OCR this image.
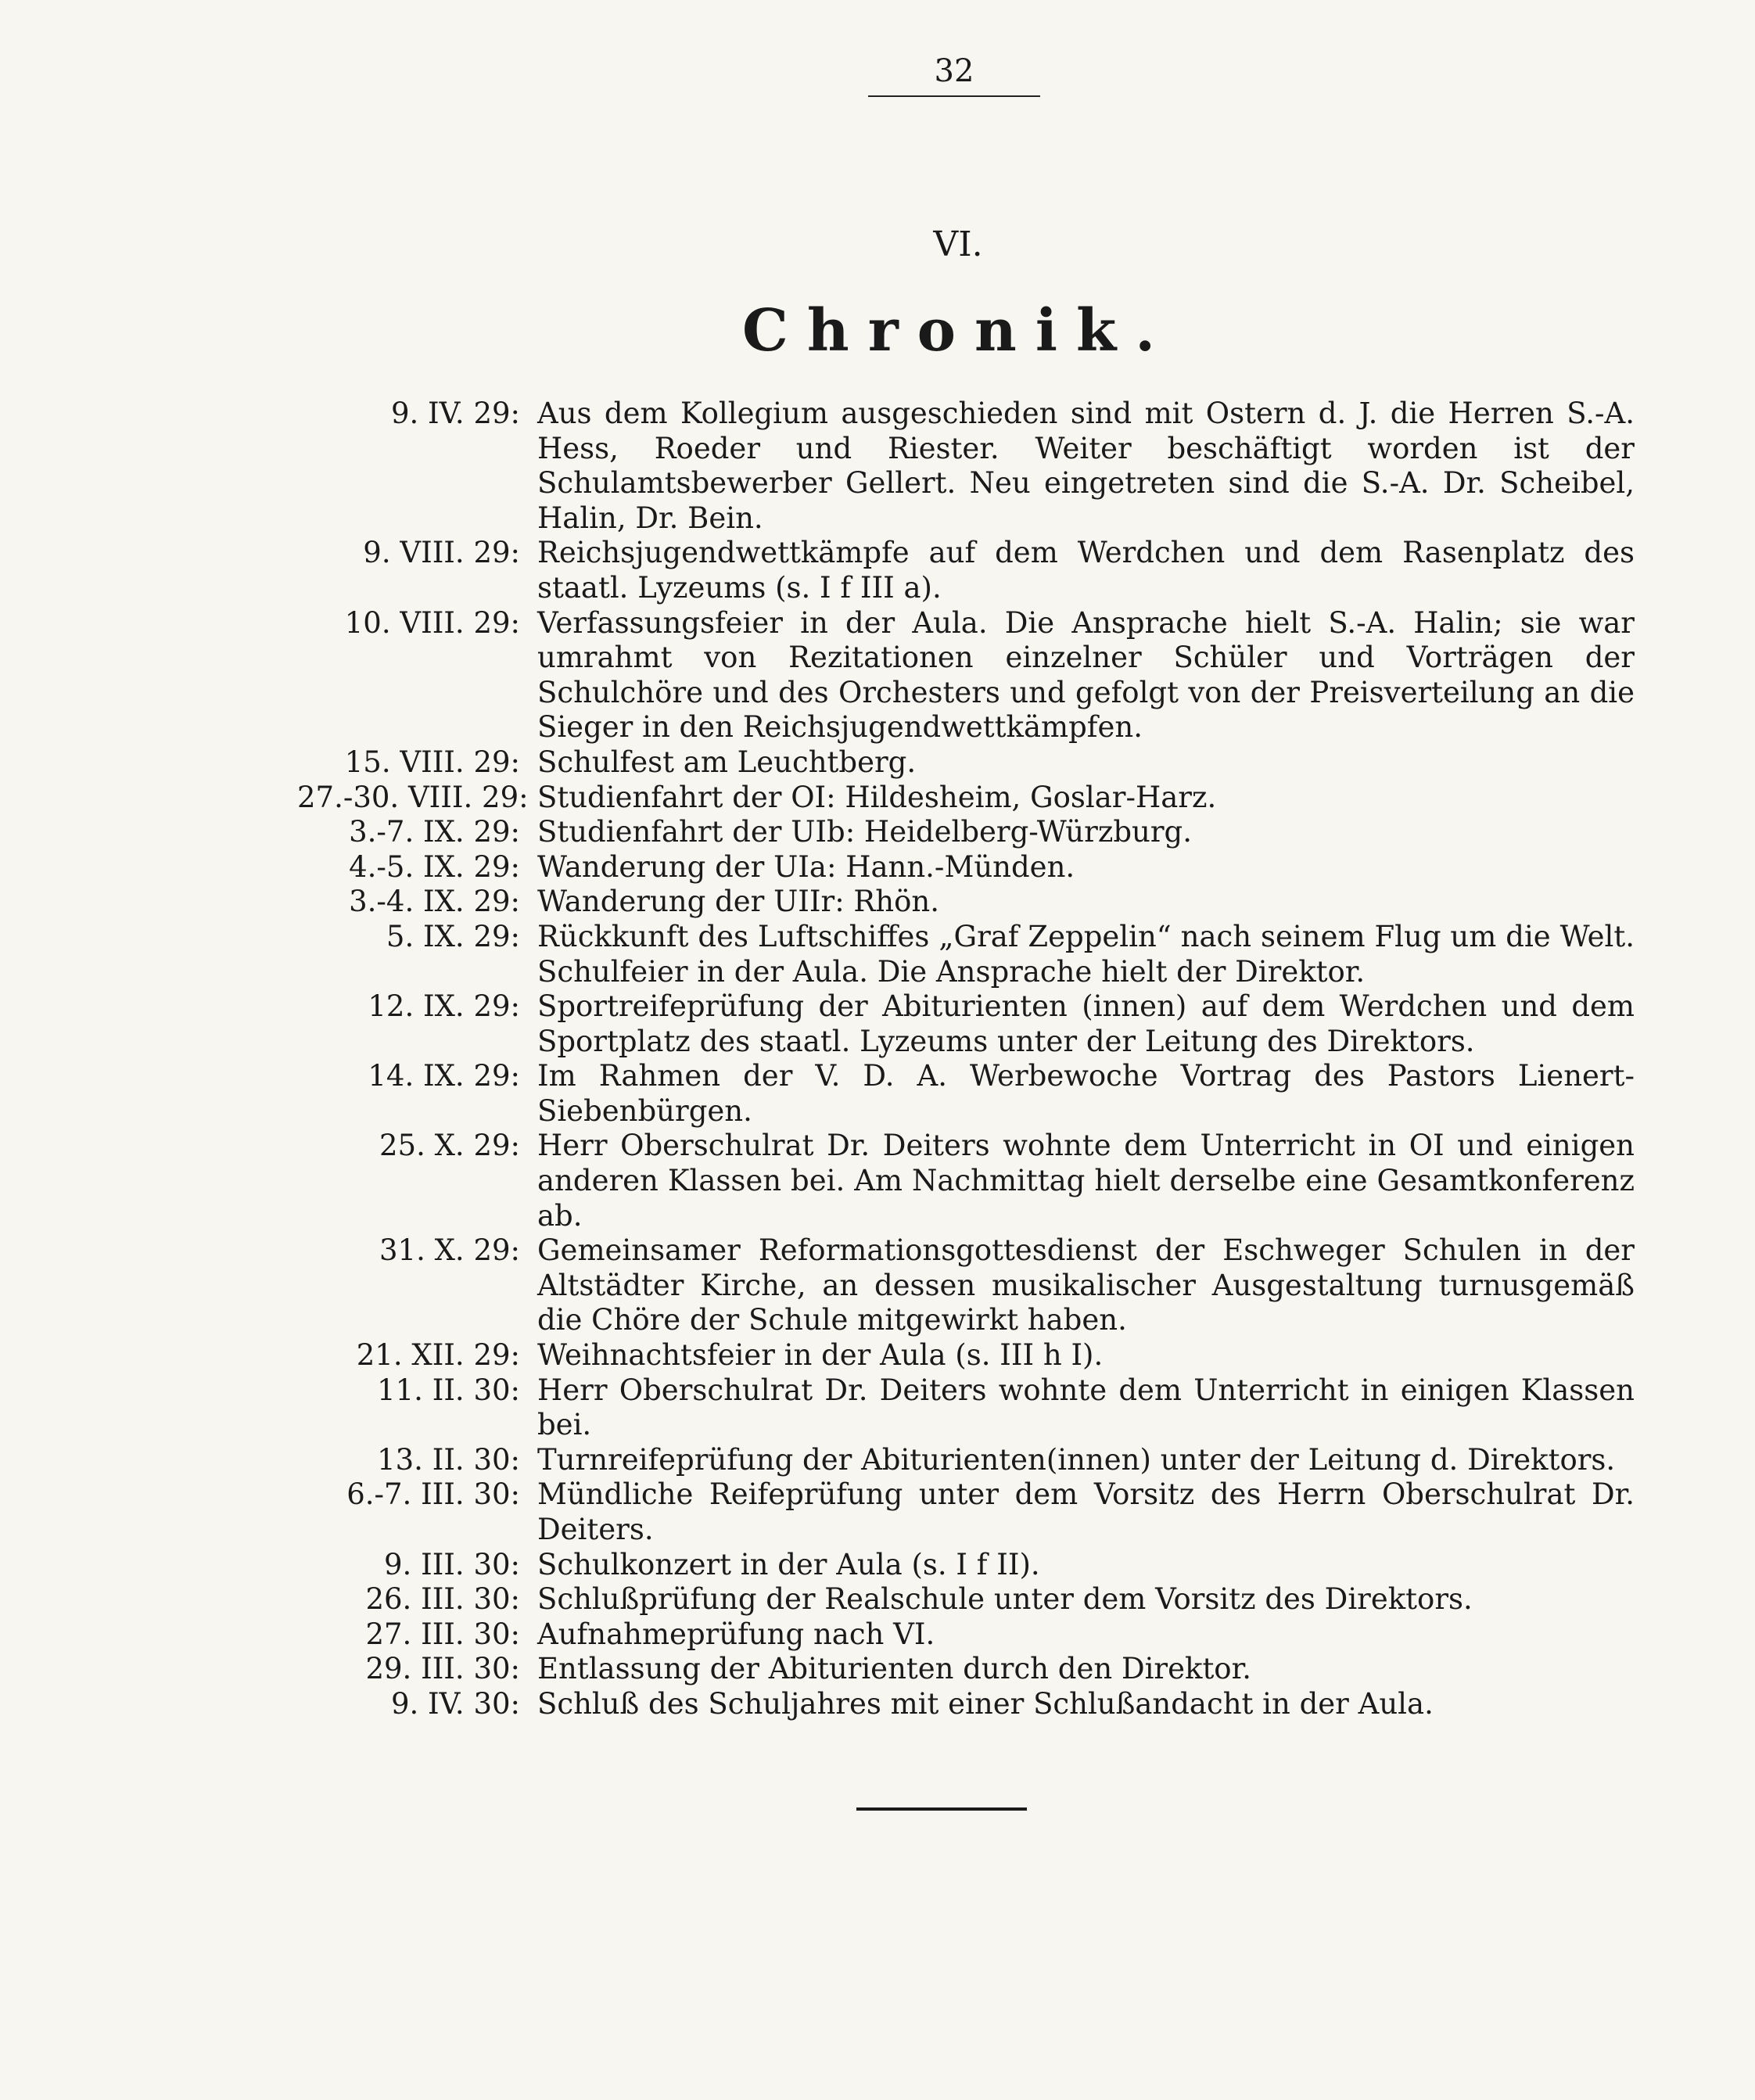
32
VI.
Chronik.
9. IV. 29: Aus dem Kollegium ausgeschieden sind mit Ostern d. J. die Herren S.-A. Hess, Roeder und Riester. Weiter beschäftigt worden ist der Schulamtsbewerber Gellert. Neu eingetreten sind die S.-A. Dr. Scheibel, Halin, Dr. Bein.
9. VIII. 29: Reichsjugendwettkämpfe auf dem Werdchen und dem Rasenplatz des staatl. Lyzeums (s. I f III a).
10. VIII. 29: Verfassungsfeier in der Aula. Die Ansprache hielt S.-A. Halin; sie war umrahmt von Rezitationen einzelner Schüler und Vorträgen der Schulchöre und des Orchesters und gefolgt von der Preisverteilung an die Sieger in den Reichsjugendwettkämpfen.
15. VIII. 29: Schulfest am Leuchtberg.
27.-30. VIII. 29: Studienfahrt der OI: Hildesheim, Goslar-Harz.
3.-7. IX. 29: Studienfahrt der UIb: Heidelberg-Würzburg.
4.-5. IX. 29: Wanderung der UIa: Hann.-Münden.
3.-4. IX. 29: Wanderung der UIIr: Rhön.
5. IX. 29: Rückkunft des Luftschiffes „Graf Zeppelin“ nach seinem Flug um die Welt. Schulfeier in der Aula. Die Ansprache hielt der Direktor.
12. IX. 29: Sportreifeprüfung der Abiturienten (innen) auf dem Werdchen und dem Sportplatz des staatl. Lyzeums unter der Leitung des Direktors.
14. IX. 29: Im Rahmen der V. D. A. Werbewoche Vortrag des Pastors Lienert-Siebenbürgen.
25. X. 29: Herr Oberschulrat Dr. Deiters wohnte dem Unterricht in OI und einigen anderen Klassen bei. Am Nachmittag hielt derselbe eine Gesamtkonferenz ab.
31. X. 29: Gemeinsamer Reformationsgottesdienst der Eschweger Schulen in der Altstädter Kirche, an dessen musikalischer Ausgestaltung turnusgemäß die Chöre der Schule mitgewirkt haben.
21. XII. 29: Weihnachtsfeier in der Aula (s. III h I).
11. II. 30: Herr Oberschulrat Dr. Deiters wohnte dem Unterricht in einigen Klassen bei.
13. II. 30: Turnreifeprüfung der Abiturienten(innen) unter der Leitung d. Direktors.
6.-7. III. 30: Mündliche Reifeprüfung unter dem Vorsitz des Herrn Oberschulrat Dr. Deiters.
9. III. 30: Schulkonzert in der Aula (s. I f II).
26. III. 30: Schlußprüfung der Realschule unter dem Vorsitz des Direktors.
27. III. 30: Aufnahmeprüfung nach VI.
29. III. 30: Entlassung der Abiturienten durch den Direktor.
9. IV. 30: Schluß des Schuljahres mit einer Schlußandacht in der Aula.
